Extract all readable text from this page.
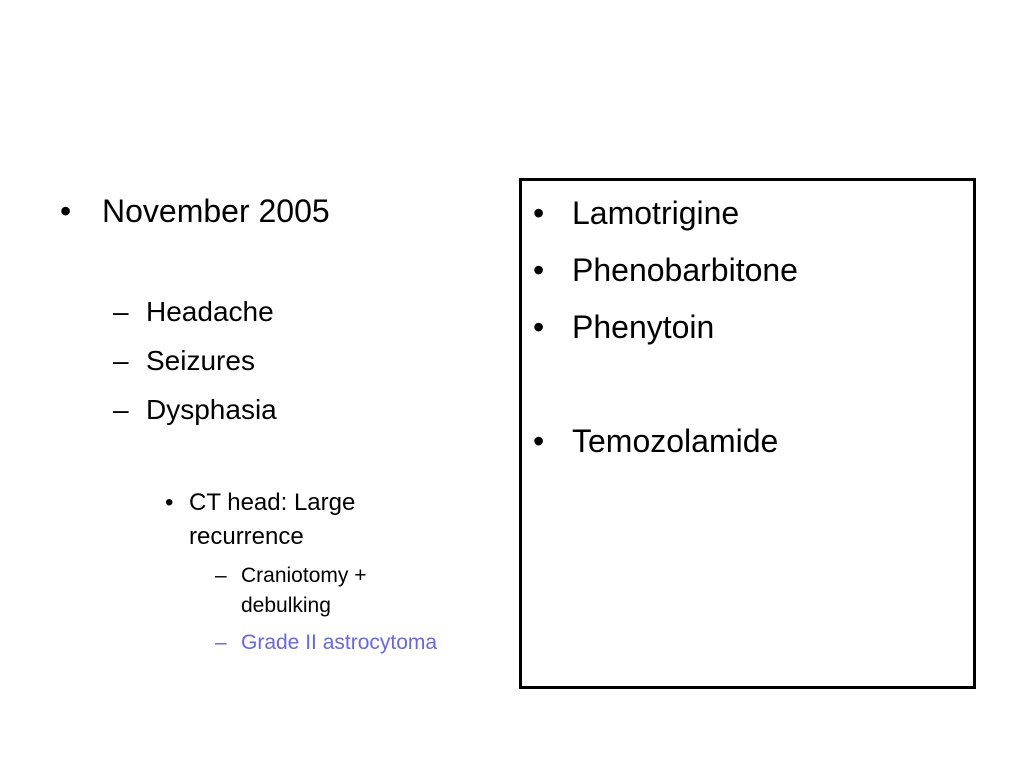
• November 2005
– Headache
– Seizures
– Dysphasia
• CT head: Large
recurrence
– Craniotomy +
debulking
– Grade II astrocytoma
• Lamotrigine
• Phenobarbitone
• Phenytoin
• Temozolamide
